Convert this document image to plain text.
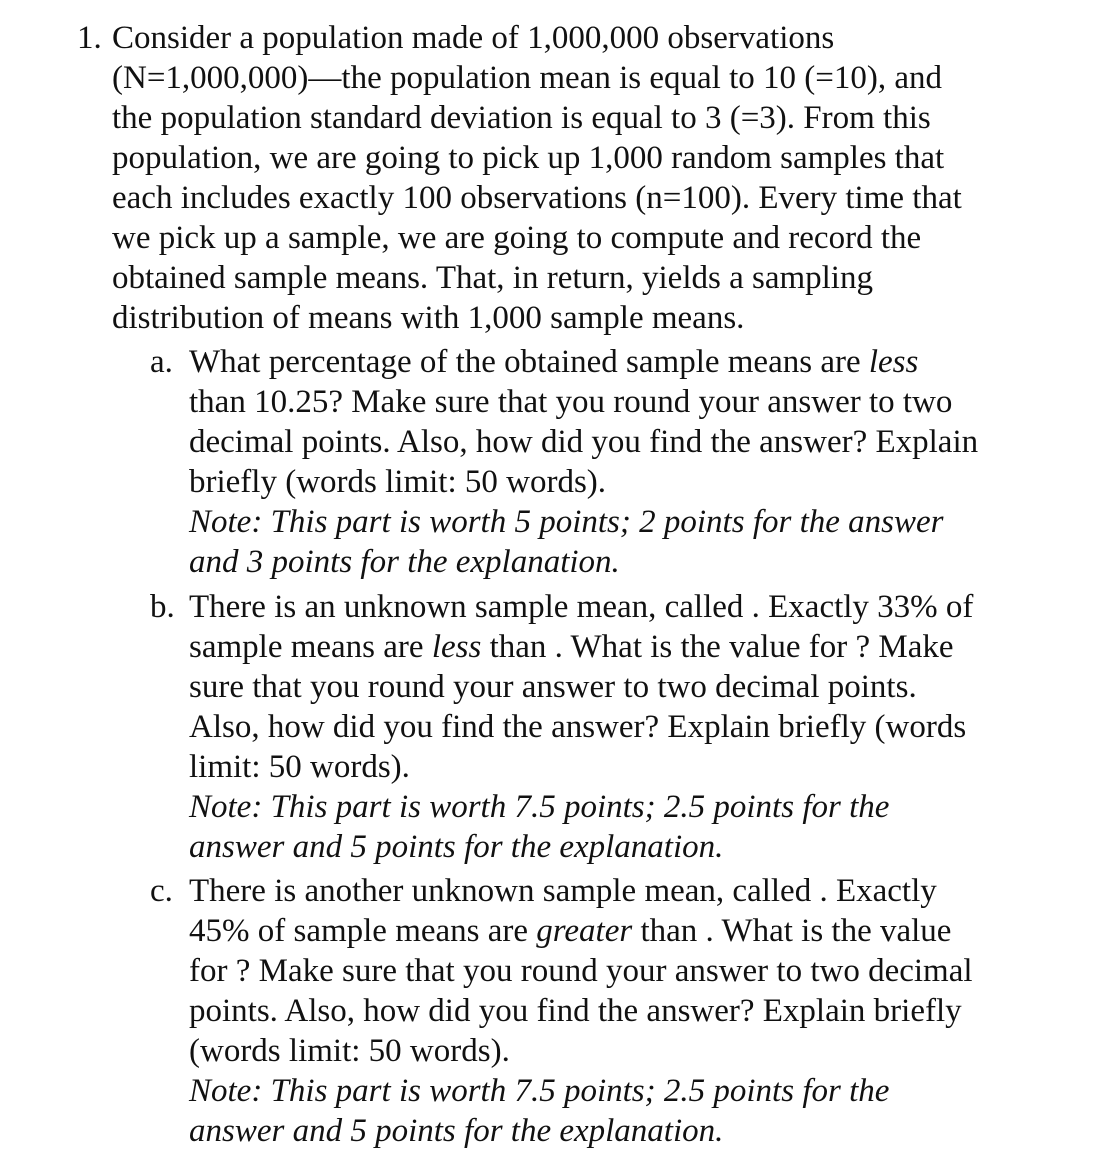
1. Consider a population made of 1,000,000 observations
(N=1,000,000)—the population mean is equal to 10 (=10), and
the population standard deviation is equal to 3 (=3). From this
population, we are going to pick up 1,000 random samples that
each includes exactly 100 observations (n=100). Every time that
we pick up a sample, we are going to compute and record the
obtained sample means. That, in return, yields a sampling
distribution of means with 1,000 sample means.
a. What percentage of the obtained sample means are less
than 10.25? Make sure that you round your answer to two
decimal points. Also, how did you find the answer? Explain
briefly (words limit: 50 words).
Note: This part is worth 5 points; 2 points for the answer
and 3 points for the explanation.
b. There is an unknown sample mean, called . Exactly 33% of
sample means are less than . What is the value for ? Make
sure that you round your answer to two decimal points.
Also, how did you find the answer? Explain briefly (words
limit: 50 words).
Note: This part is worth 7.5 points; 2.5 points for the
answer and 5 points for the explanation.
c. There is another unknown sample mean, called . Exactly
45% of sample means are greater than . What is the value
for ? Make sure that you round your answer to two decimal
points. Also, how did you find the answer? Explain briefly
(words limit: 50 words).
Note: This part is worth 7.5 points; 2.5 points for the
answer and 5 points for the explanation.
